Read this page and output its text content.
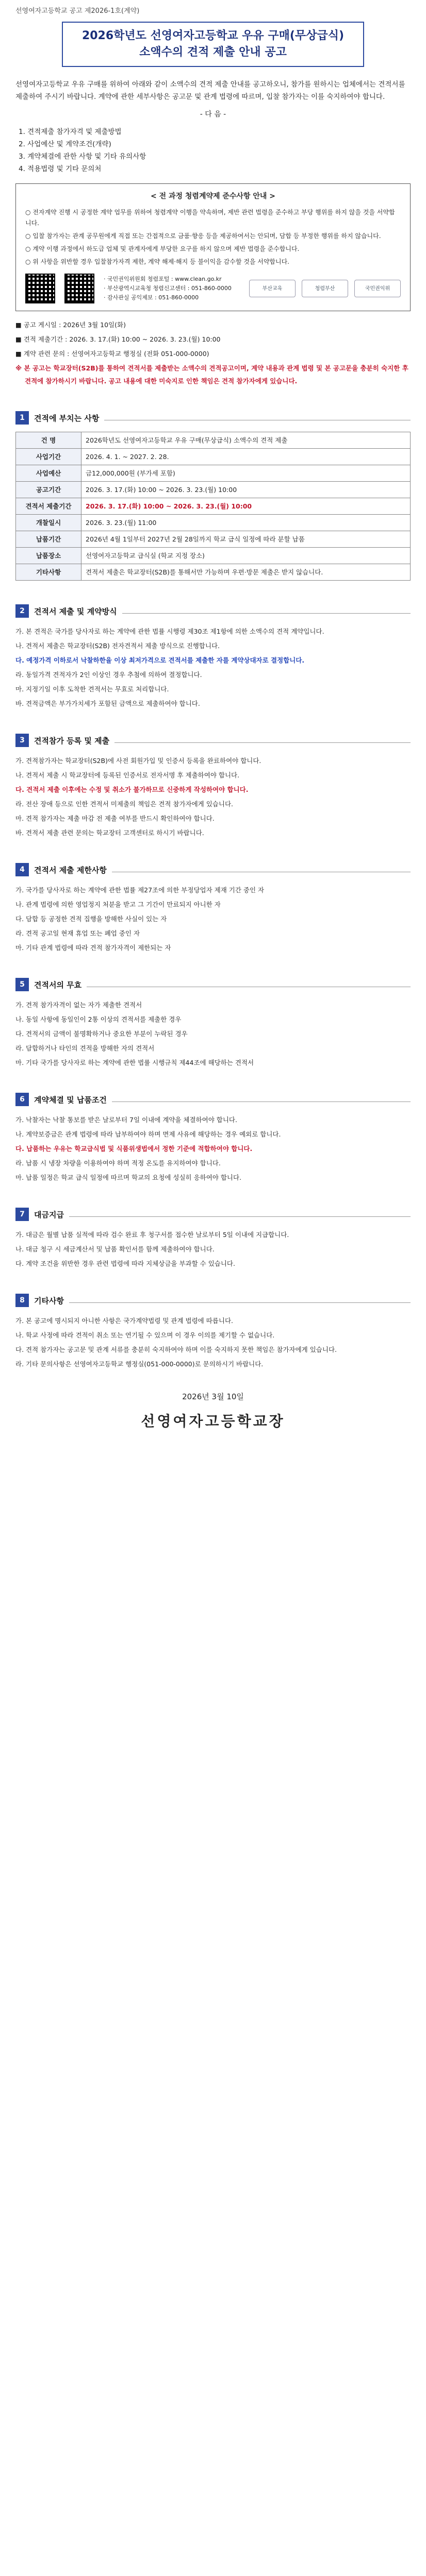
선영여자고등학교 공고 제2026-1호(계약)
2026학년도 선영여자고등학교 우유 구매(무상급식)
소액수의 견적 제출 안내 공고
선영여자고등학교 우유 구매를 위하여 아래와 같이 소액수의 견적 제출 안내를 공고하오니, 참가를 원하시는 업체에서는 견적서를 제출하여 주시기 바랍니다. 계약에 관한 세부사항은 공고문 및 관계 법령에 따르며, 입찰 참가자는 이를 숙지하여야 합니다.
- 다 음 -
1. 견적제출 참가자격 및 제출방법
2. 사업예산 및 계약조건(개략)
3. 계약체결에 관한 사항 및 기타 유의사항
4. 적용법령 및 기타 문의처
< 전 과정 청렴계약제 준수사항 안내 >

○ 전자계약 진행 시 공정한 계약 업무를 위하여 청렴계약 이행을 약속하며, 제반 관련 법령을 준수하고 부당 행위를 하지 않을 것을 서약합니다.

○ 입찰 참가자는 관계 공무원에게 직접 또는 간접적으로 금품·향응 등을 제공하여서는 안되며, 담합 등 부정한 행위를 하지 않습니다.

○ 계약 이행 과정에서 하도급 업체 및 관계자에게 부당한 요구를 하지 않으며 제반 법령을 준수합니다.

○ 위 사항을 위반할 경우 입찰참가자격 제한, 계약 해제·해지 등 불이익을 감수할 것을 서약합니다.

· 국민권익위원회 청렴포털 : www.clean.go.kr
· 부산광역시교육청 청렴신고센터 : 051-860-0000
· 감사관실 공익제보 : 051-860-0000
부산교육	청렴부산	국민권익위

■ 공고 게시일 : 2026년 3월 10일(화)

■ 견적 제출기간 : 2026. 3. 17.(화) 10:00 ~ 2026. 3. 23.(월) 10:00

■ 계약 관련 문의 : 선영여자고등학교 행정실 (전화 051-000-0000)

※ 본 공고는 학교장터(S2B)를 통하여 견적서를 제출받는 소액수의 견적공고이며, 계약 내용과 관계 법령 및 본 공고문을 충분히 숙지한 후 견적에 참가하시기 바랍니다. 공고 내용에 대한 미숙지로 인한 책임은 견적 참가자에게 있습니다.

1	견적에 부치는 사항
건 명	2026학년도 선영여자고등학교 우유 구매(무상급식) 소액수의 견적 제출
사업기간	2026. 4. 1. ~ 2027. 2. 28.
사업예산	금12,000,000원 (부가세 포함)
공고기간	2026. 3. 17.(화) 10:00 ~ 2026. 3. 23.(월) 10:00
견적서 제출기간	2026. 3. 17.(화) 10:00 ~ 2026. 3. 23.(월) 10:00
개찰일시	2026. 3. 23.(월) 11:00
납품기간	2026년 4월 1일부터 2027년 2월 28일까지 학교 급식 일정에 따라 분할 납품
납품장소	선영여자고등학교 급식실 (학교 지정 장소)
기타사항	견적서 제출은 학교장터(S2B)를 통해서만 가능하며 우편·방문 제출은 받지 않습니다.
2	견적서 제출 및 계약방식

가. 본 견적은 국가를 당사자로 하는 계약에 관한 법률 시행령 제30조 제1항에 의한 소액수의 견적 계약입니다.

나. 견적서 제출은 학교장터(S2B) 전자견적서 제출 방식으로 진행합니다.

다. 예정가격 이하로서 낙찰하한율 이상 최저가격으로 견적서를 제출한 자를 계약상대자로 결정합니다.

라. 동일가격 견적자가 2인 이상인 경우 추첨에 의하여 결정합니다.

마. 지정기일 이후 도착한 견적서는 무효로 처리합니다.

바. 견적금액은 부가가치세가 포함된 금액으로 제출하여야 합니다.

3	견적참가 등록 및 제출

가. 견적참가자는 학교장터(S2B)에 사전 회원가입 및 인증서 등록을 완료하여야 합니다.

나. 견적서 제출 시 학교장터에 등록된 인증서로 전자서명 후 제출하여야 합니다.

다. 견적서 제출 이후에는 수정 및 취소가 불가하므로 신중하게 작성하여야 합니다.

라. 전산 장애 등으로 인한 견적서 미제출의 책임은 견적 참가자에게 있습니다.

마. 견적 참가자는 제출 마감 전 제출 여부를 반드시 확인하여야 합니다.

바. 견적서 제출 관련 문의는 학교장터 고객센터로 하시기 바랍니다.

4	견적서 제출 제한사항

가. 국가를 당사자로 하는 계약에 관한 법률 제27조에 의한 부정당업자 제재 기간 중인 자

나. 관계 법령에 의한 영업정지 처분을 받고 그 기간이 만료되지 아니한 자

다. 담합 등 공정한 견적 집행을 방해한 사실이 있는 자

라. 견적 공고일 현재 휴업 또는 폐업 중인 자

마. 기타 관계 법령에 따라 견적 참가자격이 제한되는 자

5	견적서의 무효

가. 견적 참가자격이 없는 자가 제출한 견적서

나. 동일 사항에 동일인이 2통 이상의 견적서를 제출한 경우

다. 견적서의 금액이 불명확하거나 중요한 부분이 누락된 경우

라. 담합하거나 타인의 견적을 방해한 자의 견적서

마. 기타 국가를 당사자로 하는 계약에 관한 법률 시행규칙 제44조에 해당하는 견적서

6	계약체결 및 납품조건

가. 낙찰자는 낙찰 통보를 받은 날로부터 7일 이내에 계약을 체결하여야 합니다.

나. 계약보증금은 관계 법령에 따라 납부하여야 하며 면제 사유에 해당하는 경우 예외로 합니다.

다. 납품하는 우유는 학교급식법 및 식품위생법에서 정한 기준에 적합하여야 합니다.

라. 납품 시 냉장 차량을 이용하여야 하며 적정 온도를 유지하여야 합니다.

마. 납품 일정은 학교 급식 일정에 따르며 학교의 요청에 성실히 응하여야 합니다.

7	대금지급

가. 대금은 월별 납품 실적에 따라 검수 완료 후 청구서를 접수한 날로부터 5일 이내에 지급합니다.

나. 대금 청구 시 세금계산서 및 납품 확인서를 함께 제출하여야 합니다.

다. 계약 조건을 위반한 경우 관련 법령에 따라 지체상금을 부과할 수 있습니다.

8	기타사항

가. 본 공고에 명시되지 아니한 사항은 국가계약법령 및 관계 법령에 따릅니다.

나. 학교 사정에 따라 견적이 취소 또는 연기될 수 있으며 이 경우 이의를 제기할 수 없습니다.

다. 견적 참가자는 공고문 및 관계 서류를 충분히 숙지하여야 하며 이를 숙지하지 못한 책임은 참가자에게 있습니다.

라. 기타 문의사항은 선영여자고등학교 행정실(051-000-0000)로 문의하시기 바랍니다.

2026년 3월 10일
선영여자고등학교장
